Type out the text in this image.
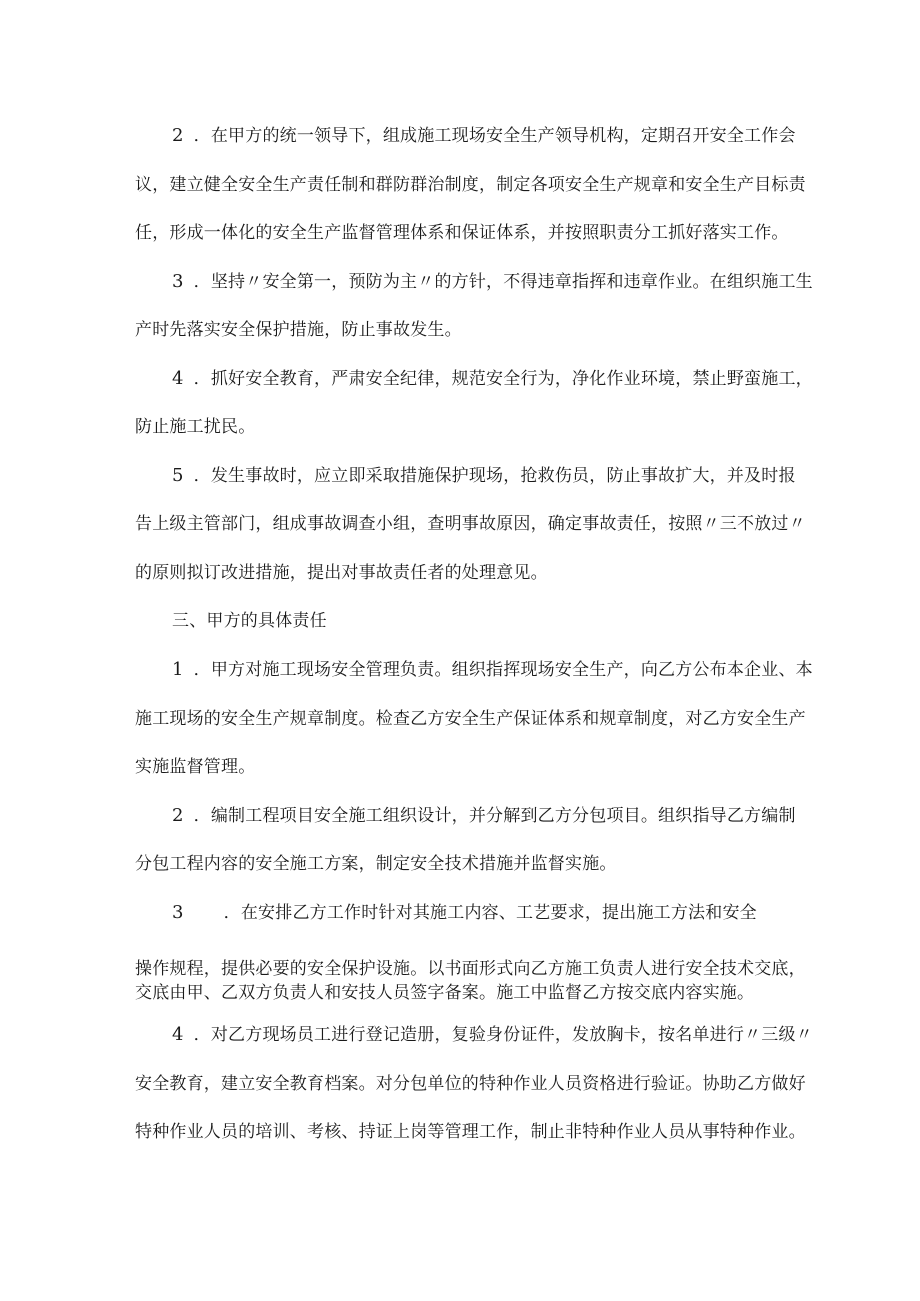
2 ．在甲方的统一领导下，组成施工现场安全生产领导机构，定期召开安全工作会
议，建立健全安全生产责任制和群防群治制度，制定各项安全生产规章和安全生产目标责
任，形成一体化的安全生产监督管理体系和保证体系，并按照职责分工抓好落实工作。
3 ．坚持〃安全第一，预防为主〃的方针，不得违章指挥和违章作业。在组织施工生
产时先落实安全保护措施，防止事故发生。
4 ．抓好安全教育，严肃安全纪律，规范安全行为，净化作业环境，禁止野蛮施工，
防止施工扰民。
5 ．发生事故时，应立即采取措施保护现场，抢救伤员，防止事故扩大，并及时报
告上级主管部门，组成事故调查小组，查明事故原因，确定事故责任，按照〃三不放过〃
的原则拟订改进措施，提出对事故责任者的处理意见。
三、甲方的具体责任
1 ．甲方对施工现场安全管理负责。组织指挥现场安全生产，向乙方公布本企业、本
施工现场的安全生产规章制度。检查乙方安全生产保证体系和规章制度，对乙方安全生产
实施监督管理。
2 ．编制工程项目安全施工组织设计，并分解到乙方分包项目。组织指导乙方编制
分包工程内容的安全施工方案，制定安全技术措施并监督实施。
3 ．在安排乙方工作时针对其施工内容、工艺要求，提出施工方法和安全
操作规程，提供必要的安全保护设施。以书面形式向乙方施工负责人进行安全技术交底，
交底由甲、乙双方负责人和安技人员签字备案。施工中监督乙方按交底内容实施。
4 ．对乙方现场员工进行登记造册，复验身份证件，发放胸卡，按名单进行〃三级〃
安全教育，建立安全教育档案。对分包单位的特种作业人员资格进行验证。协助乙方做好
特种作业人员的培训、考核、持证上岗等管理工作，制止非特种作业人员从事特种作业。
